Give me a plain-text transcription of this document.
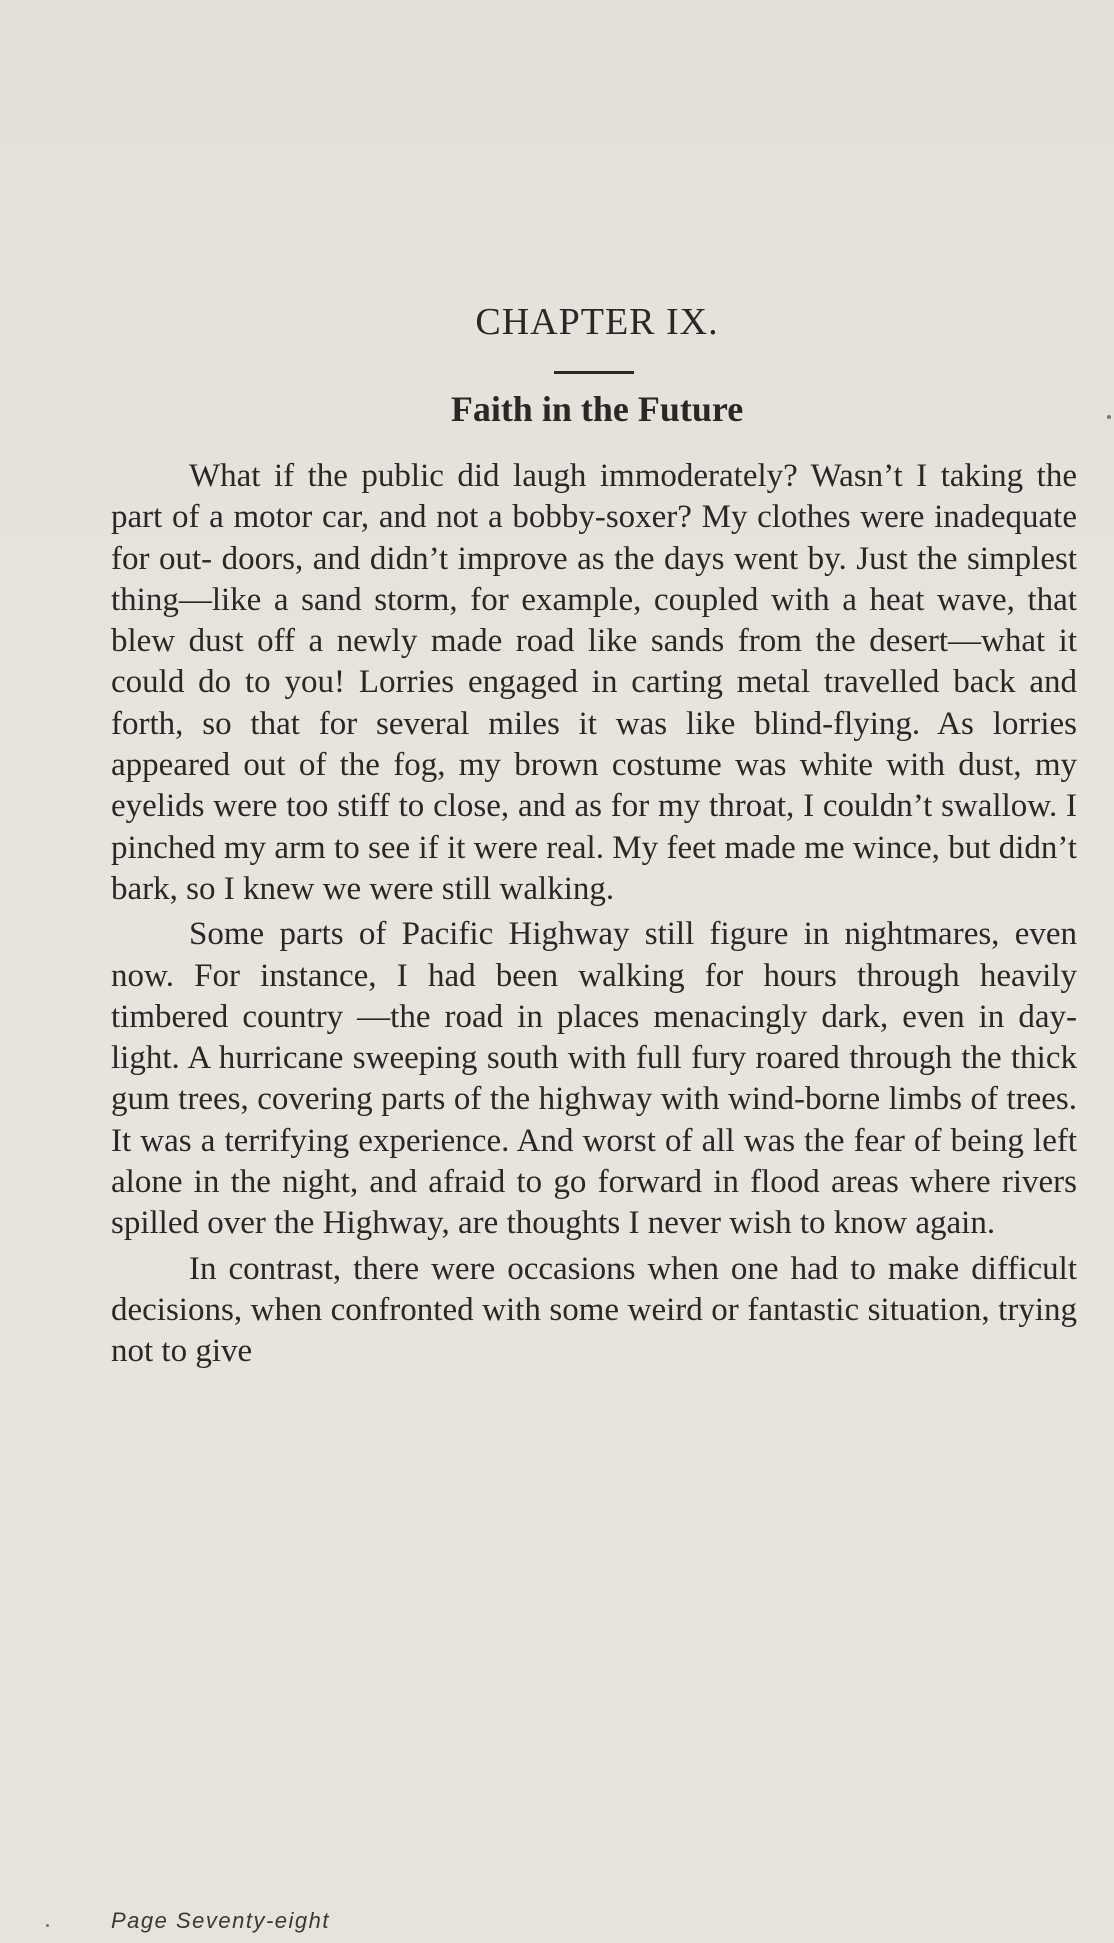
CHAPTER IX.
Faith in the Future

What if the public did laugh immoderately? Wasn’t I taking the part of a motor car, and not a bobby-soxer? My clothes were inadequate for out- doors, and didn’t improve as the days went by. Just the simplest thing—like a sand storm, for example, coupled with a heat wave, that blew dust off a newly made road like sands from the desert—what it could do to you! Lorries engaged in carting metal travelled back and forth, so that for several miles it was like blind-flying. As lorries appeared out of the fog, my brown costume was white with dust, my eyelids were too stiff to close, and as for my throat, I couldn’t swallow. I pinched my arm to see if it were real. My feet made me wince, but didn’t bark, so I knew we were still walking.

Some parts of Pacific Highway still figure in nightmares, even now. For instance, I had been walking for hours through heavily timbered country —the road in places menacingly dark, even in day- light. A hurricane sweeping south with full fury roared through the thick gum trees, covering parts of the highway with wind-borne limbs of trees. It was a terrifying experience. And worst of all was the fear of being left alone in the night, and afraid to go forward in flood areas where rivers spilled over the Highway, are thoughts I never wish to know again.

In contrast, there were occasions when one had to make difficult decisions, when confronted with some weird or fantastic situation, trying not to give

Page Seventy-eight
